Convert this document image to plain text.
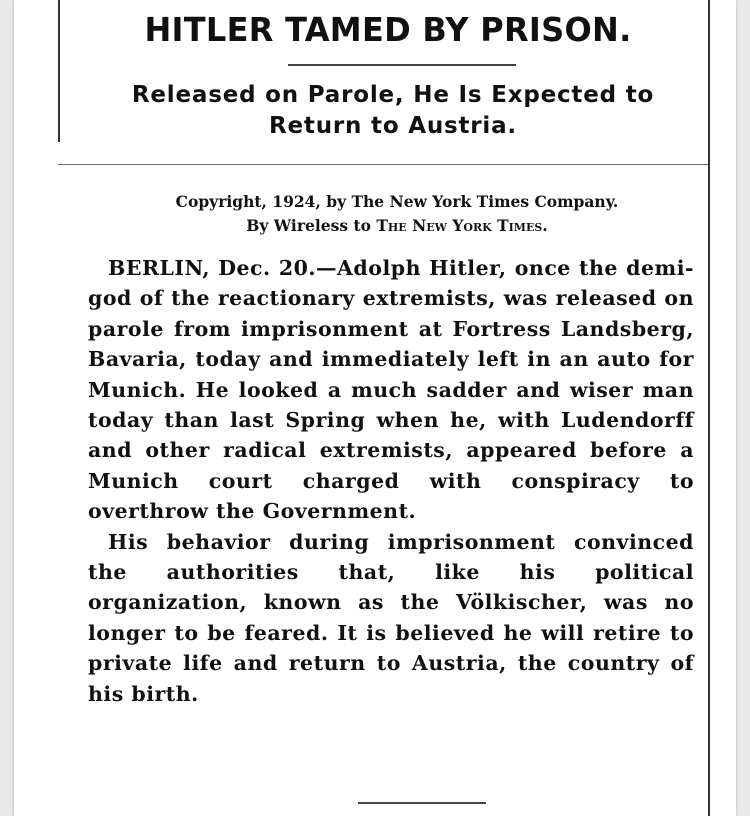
HITLER TAMED BY PRISON.
Released on Parole, He Is Expected to Return to Austria.
Copyright, 1924, by The New York Times Company.
By Wireless to The New York Times.

BERLIN, Dec. 20.—Adolph Hitler, once the demi-god of the reactionary extremists, was released on parole from imprisonment at Fortress Landsberg, Bavaria, today and immediately left in an auto for Munich. He looked a much sadder and wiser man today than last Spring when he, with Ludendorff and other radical extremists, appeared before a Munich court charged with conspiracy to overthrow the Government.

His behavior during imprisonment convinced the authorities that, like his political organization, known as the Völkischer, was no longer to be feared. It is believed he will retire to private life and return to Austria, the country of his birth.
